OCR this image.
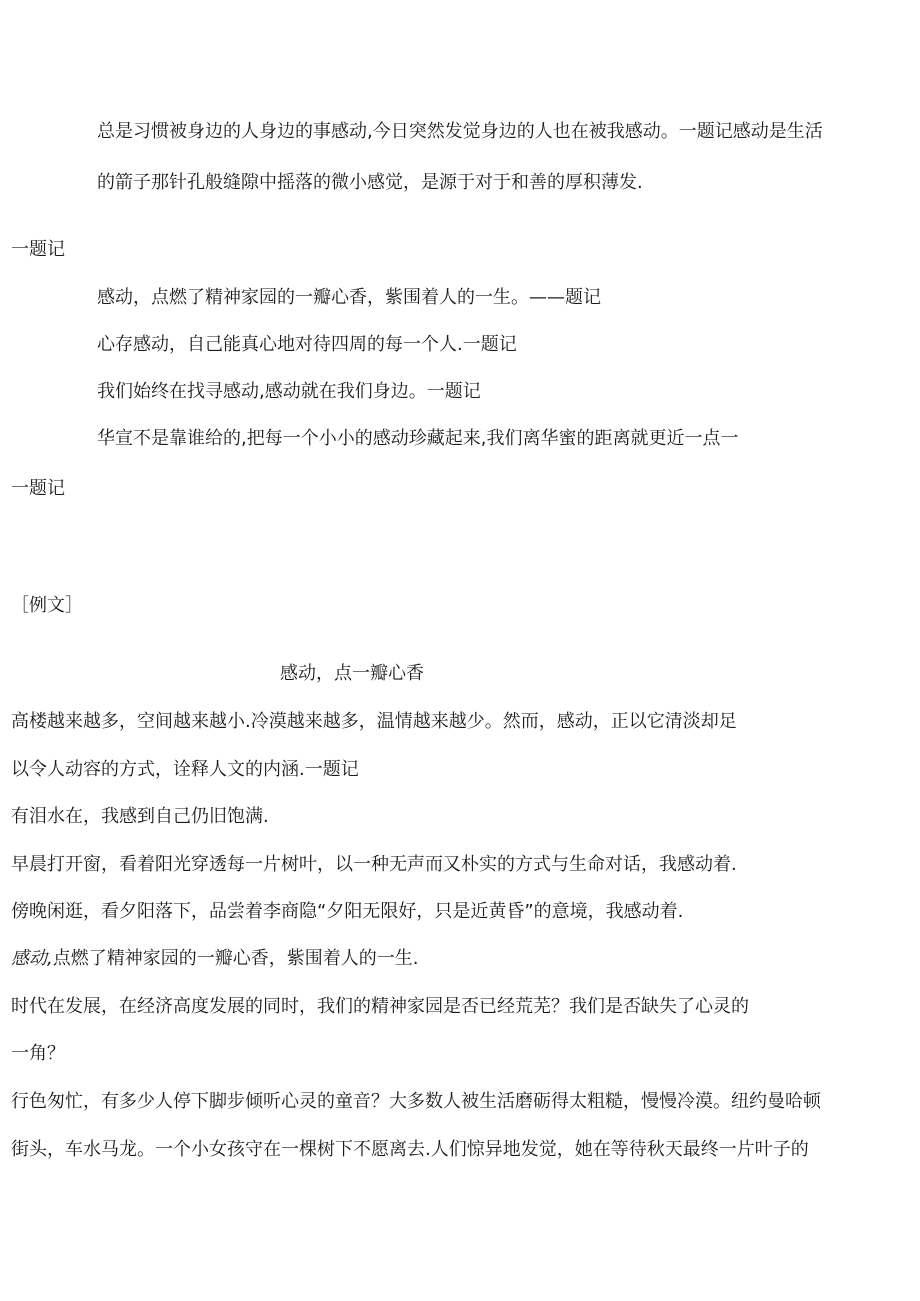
总是习惯被身边的人身边的事感动,今日突然发觉身边的人也在被我感动。一题记感动是生活

的箭子那针孔般缝隙中摇落的微小感觉，是源于对于和善的厚积薄发.

一题记

感动，点燃了精神家园的一瓣心香，紫围着人的一生。——题记

心存感动，自己能真心地对待四周的每一个人.一题记

我们始终在找寻感动,感动就在我们身边。一题记

华宣不是靠谁给的,把每一个小小的感动珍藏起来,我们离华蜜的距离就更近一点一

一题记

［例文］

感动，点一瓣心香

高楼越来越多，空间越来越小.冷漠越来越多，温情越来越少。然而，感动，正以它清淡却足

以令人动容的方式，诠释人文的内涵.一题记

有泪水在，我感到自己仍旧饱满.

早晨打开窗，看着阳光穿透每一片树叶，以一种无声而又朴实的方式与生命对话，我感动着.

傍晚闲逛，看夕阳落下，品尝着李商隐“夕阳无限好，只是近黄昏”的意境，我感动着.

感动,点燃了精神家园的一瓣心香，紫围着人的一生.

时代在发展，在经济高度发展的同时，我们的精神家园是否已经荒芜？我们是否缺失了心灵的

一角？

行色匆忙，有多少人停下脚步倾听心灵的童音？大多数人被生活磨砺得太粗糙，慢慢冷漠。纽约曼哈顿

街头，车水马龙。一个小女孩守在一棵树下不愿离去.人们惊异地发觉，她在等待秋天最终一片叶子的
